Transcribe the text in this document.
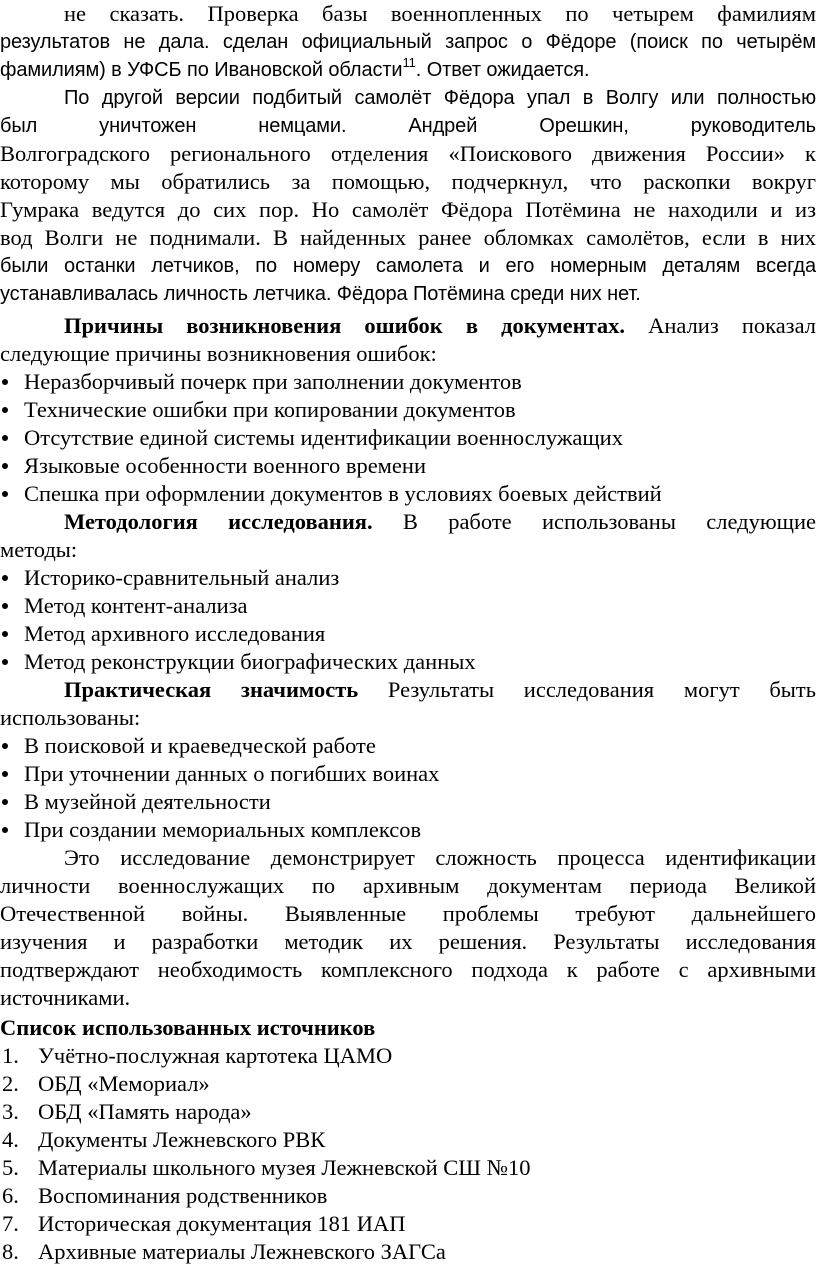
не сказать. Проверка базы военнопленных по четырем фамилиям

результатов не дала. сделан официальный запрос о Фёдоре (поиск по четырём

фамилиям) в УФСБ по Ивановской области$^{11}$. Ответ ожидается.

По другой версии подбитый самолёт Фёдора упал в Волгу или полностью

был уничтожен немцами. Андрей Орешкин, руководитель

Волгоградского регионального отделения «Поискового движения России» к

которому мы обратились за помощью, подчеркнул, что раскопки вокруг

Гумрака ведутся до сих пор. Но самолёт Фёдора Потёмина не находили и из

вод Волги не поднимали. В найденных ранее обломках самолётов, если в них

были останки летчиков, по номеру самолета и его номерным деталям всегда

устанавливалась личность летчика. Фёдора Потёмина среди них нет.

Причины возникновения ошибок в документах. Анализ показал

следующие причины возникновения ошибок:

Неразборчивый почерк при заполнении документов
Технические ошибки при копировании документов
Отсутствие единой системы идентификации военнослужащих
Языковые особенности военного времени
Спешка при оформлении документов в условиях боевых действий

Методология исследования. В работе использованы следующие

методы:

Историко-сравнительный анализ
Метод контент-анализа
Метод архивного исследования
Метод реконструкции биографических данных

Практическая значимость Результаты исследования могут быть

использованы:

В поисковой и краеведческой работе
При уточнении данных о погибших воинах
В музейной деятельности
При создании мемориальных комплексов

Это исследование демонстрирует сложность процесса идентификации

личности военнослужащих по архивным документам периода Великой

Отечественной войны. Выявленные проблемы требуют дальнейшего

изучения и разработки методик их решения. Результаты исследования

подтверждают необходимость комплексного подхода к работе с архивными

источниками.

Список использованных источников

1. Учётно-послужная картотека ЦАМО
2. ОБД «Мемориал»
3. ОБД «Память народа»
4. Документы Лежневского РВК
5. Материалы школьного музея Лежневской СШ №10
6. Воспоминания родственников
7. Историческая документация 181 ИАП
8. Архивные материалы Лежневского ЗАГСа
